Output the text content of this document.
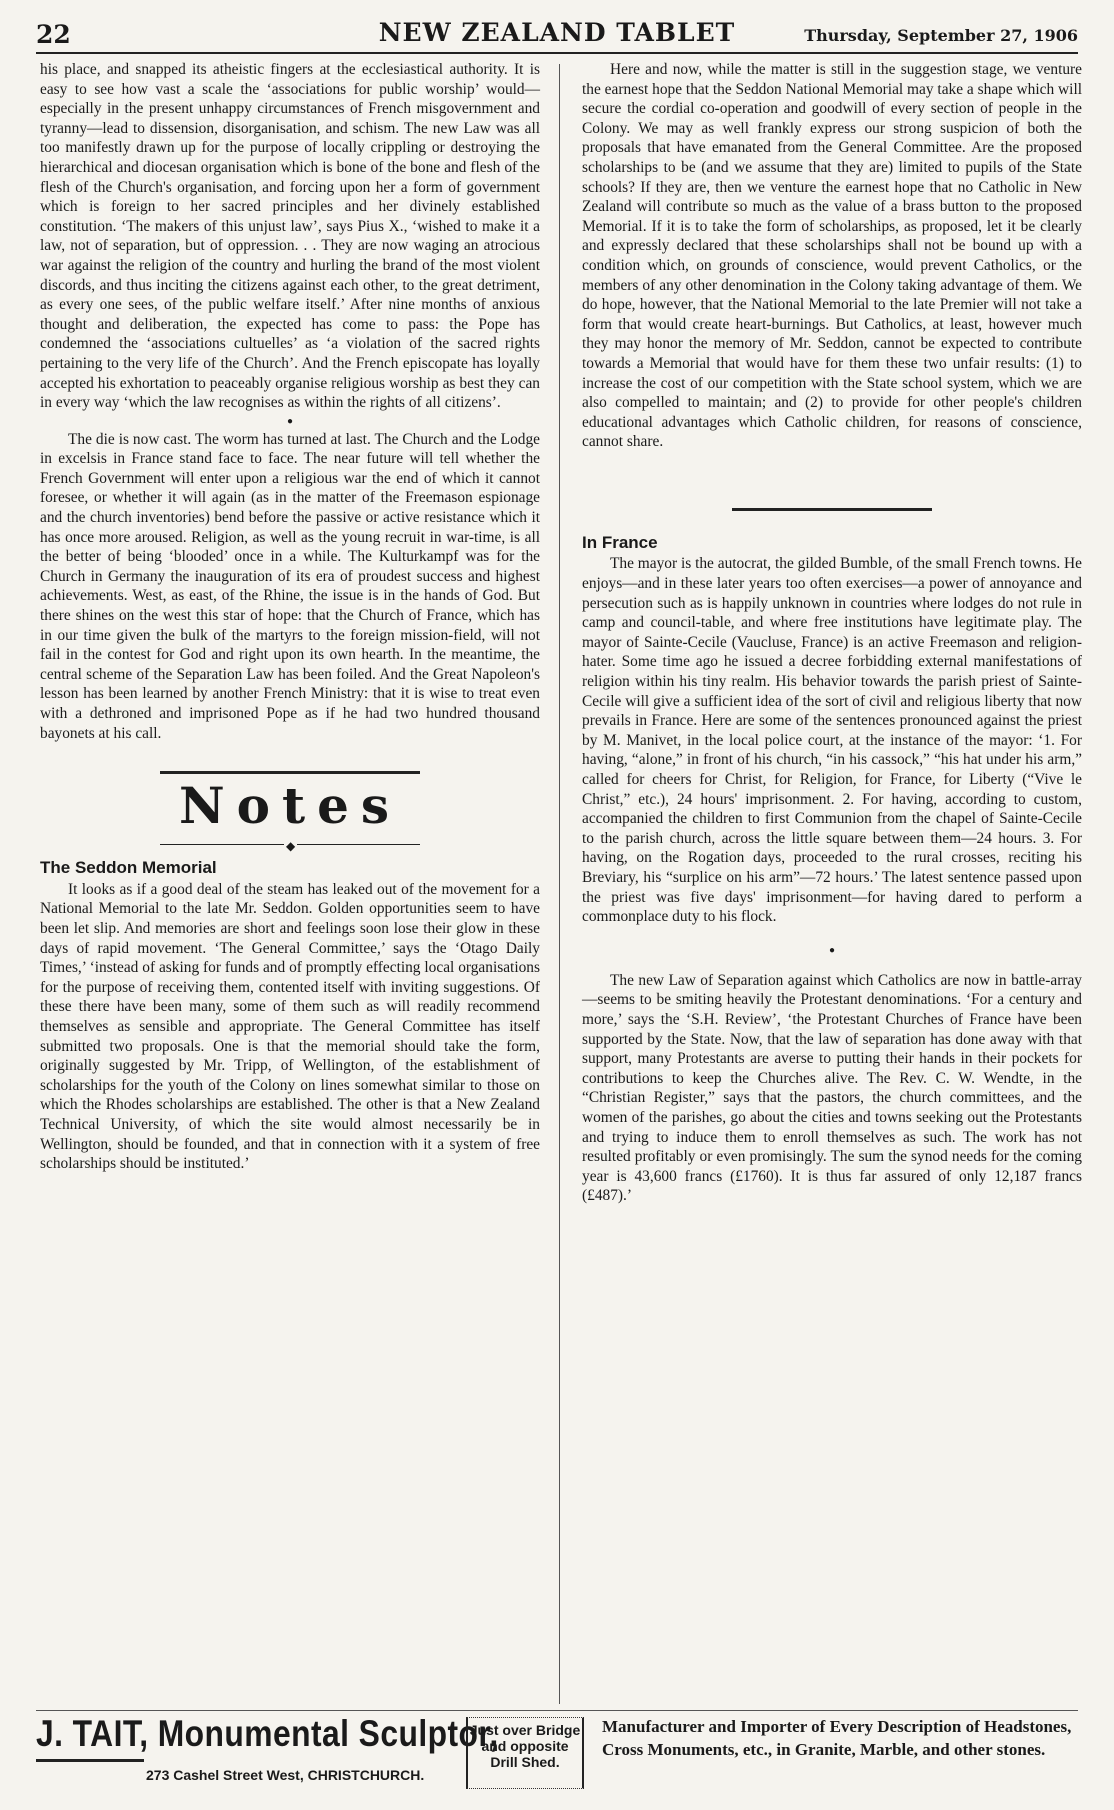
22	NEW ZEALAND TABLET	Thursday, September 27, 1906

his place, and snapped its atheistic fingers at the ecclesiastical authority. It is easy to see how vast a scale the ‘associations for public worship’ would—especially in the present unhappy circumstances of French misgovernment and tyranny—lead to dissension, disorganisation, and schism. The new Law was all too manifestly drawn up for the purpose of locally crippling or destroying the hierarchical and diocesan organisation which is bone of the bone and flesh of the flesh of the Church's organisation, and forcing upon her a form of government which is foreign to her sacred principles and her divinely established constitution. ‘The makers of this unjust law’, says Pius X., ‘wished to make it a law, not of separation, but of oppression. . . They are now waging an atrocious war against the religion of the country and hurling the brand of the most violent discords, and thus inciting the citizens against each other, to the great detriment, as every one sees, of the public welfare itself.’ After nine months of anxious thought and deliberation, the expected has come to pass: the Pope has condemned the ‘associations cultuelles’ as ‘a violation of the sacred rights pertaining to the very life of the Church’. And the French episcopate has loyally accepted his exhortation to peaceably organise religious worship as best they can in every way ‘which the law recognises as within the rights of all citizens’.

●

The die is now cast. The worm has turned at last. The Church and the Lodge in excelsis in France stand face to face. The near future will tell whether the French Government will enter upon a religious war the end of which it cannot foresee, or whether it will again (as in the matter of the Freemason espionage and the church inventories) bend before the passive or active resistance which it has once more aroused. Religion, as well as the young recruit in war-time, is all the better of being ‘blooded’ once in a while. The Kulturkampf was for the Church in Germany the inauguration of its era of proudest success and highest achievements. West, as east, of the Rhine, the issue is in the hands of God. But there shines on the west this star of hope: that the Church of France, which has in our time given the bulk of the martyrs to the foreign mission-field, will not fail in the contest for God and right upon its own hearth. In the meantime, the central scheme of the Separation Law has been foiled. And the Great Napoleon's lesson has been learned by another French Ministry: that it is wise to treat even with a dethroned and imprisoned Pope as if he had two hundred thousand bayonets at his call.

Notes
◆
The Seddon Memorial

It looks as if a good deal of the steam has leaked out of the movement for a National Memorial to the late Mr. Seddon. Golden opportunities seem to have been let slip. And memories are short and feelings soon lose their glow in these days of rapid movement. ‘The General Committee,’ says the ‘Otago Daily Times,’ ‘instead of asking for funds and of promptly effecting local organisations for the purpose of receiving them, contented itself with inviting suggestions. Of these there have been many, some of them such as will readily recommend themselves as sensible and appropriate. The General Committee has itself submitted two proposals. One is that the memorial should take the form, originally suggested by Mr. Tripp, of Wellington, of the establishment of scholarships for the youth of the Colony on lines somewhat similar to those on which the Rhodes scholarships are established. The other is that a New Zealand Technical University, of which the site would almost necessarily be in Wellington, should be founded, and that in connection with it a system of free scholarships should be instituted.’

Here and now, while the matter is still in the suggestion stage, we venture the earnest hope that the Seddon National Memorial may take a shape which will secure the cordial co-operation and goodwill of every section of people in the Colony. We may as well frankly express our strong suspicion of both the proposals that have emanated from the General Committee. Are the proposed scholarships to be (and we assume that they are) limited to pupils of the State schools? If they are, then we venture the earnest hope that no Catholic in New Zealand will contribute so much as the value of a brass button to the proposed Memorial. If it is to take the form of scholarships, as proposed, let it be clearly and expressly declared that these scholarships shall not be bound up with a condition which, on grounds of conscience, would prevent Catholics, or the members of any other denomination in the Colony taking advantage of them. We do hope, however, that the National Memorial to the late Premier will not take a form that would create heart-burnings. But Catholics, at least, however much they may honor the memory of Mr. Seddon, cannot be expected to contribute towards a Memorial that would have for them these two unfair results: (1) to increase the cost of our competition with the State school system, which we are also compelled to maintain; and (2) to provide for other people's children educational advantages which Catholic children, for reasons of conscience, cannot share.

In France

The mayor is the autocrat, the gilded Bumble, of the small French towns. He enjoys—and in these later years too often exercises—a power of annoyance and persecution such as is happily unknown in countries where lodges do not rule in camp and council-table, and where free institutions have legitimate play. The mayor of Sainte-Cecile (Vaucluse, France) is an active Freemason and religion-hater. Some time ago he issued a decree forbidding external manifestations of religion within his tiny realm. His behavior towards the parish priest of Sainte-Cecile will give a sufficient idea of the sort of civil and religious liberty that now prevails in France. Here are some of the sentences pronounced against the priest by M. Manivet, in the local police court, at the instance of the mayor: ‘1. For having, “alone,” in front of his church, “in his cassock,” “his hat under his arm,” called for cheers for Christ, for Religion, for France, for Liberty (“Vive le Christ,” etc.), 24 hours' imprisonment. 2. For having, according to custom, accompanied the children to first Communion from the chapel of Sainte-Cecile to the parish church, across the little square between them—24 hours. 3. For having, on the Rogation days, proceeded to the rural crosses, reciting his Breviary, his “surplice on his arm”—72 hours.’ The latest sentence passed upon the priest was five days' imprisonment—for having dared to perform a commonplace duty to his flock.

●

The new Law of Separation against which Catholics are now in battle-array—seems to be smiting heavily the Protestant denominations. ‘For a century and more,’ says the ‘S.H. Review’, ‘the Protestant Churches of France have been supported by the State. Now, that the law of separation has done away with that support, many Protestants are averse to putting their hands in their pockets for contributions to keep the Churches alive. The Rev. C. W. Wendte, in the “Christian Register,” says that the pastors, the church committees, and the women of the parishes, go about the cities and towns seeking out the Protestants and trying to induce them to enroll themselves as such. The work has not resulted profitably or even promisingly. The sum the synod needs for the coming year is 43,600 francs (£1760). It is thus far assured of only 12,187 francs (£487).’

J. TAIT, Monumental Sculptor,
273 Cashel Street West, CHRISTCHURCH.
Just over Bridge
and opposite
Drill Shed.
Manufacturer and Importer of Every Description of Headstones, Cross Monuments, etc., in Granite, Marble, and other stones.
